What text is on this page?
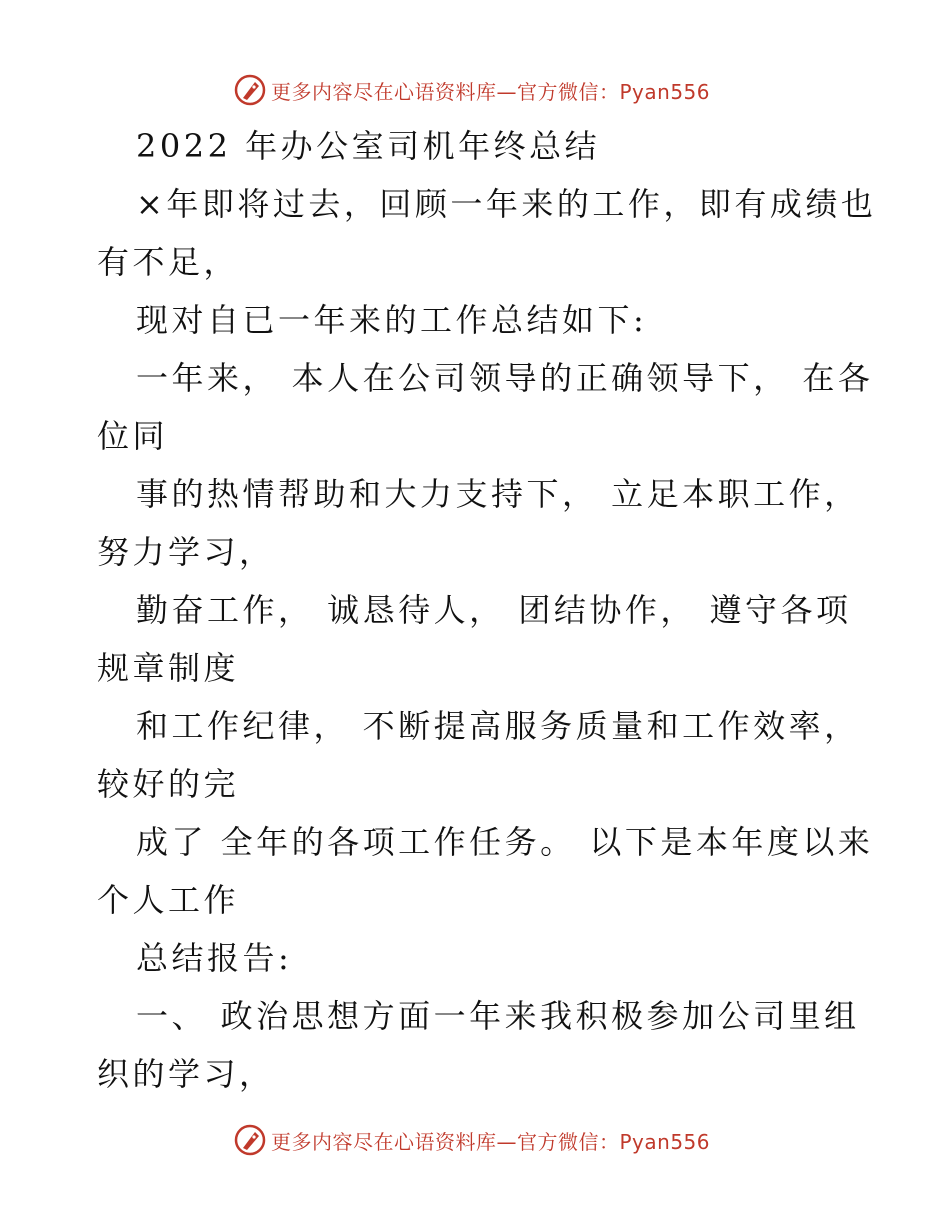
更多内容尽在心语资料库—官方微信：Pyan556
2022 年办公室司机年终总结
×年即将过去，回顾一年来的工作，即有成绩也
有不足，
现对自已一年来的工作总结如下:
一年来， 本人在公司领导的正确领导下， 在各
位同
事的热情帮助和大力支持下， 立足本职工作，
努力学习，
勤奋工作， 诚恳待人， 团结协作， 遵守各项
规章制度
和工作纪律， 不断提高服务质量和工作效率，
较好的完
成了 全年的各项工作任务。 以下是本年度以来
个人工作
总结报告:
一、 政治思想方面一年来我积极参加公司里组
织的学习，
更多内容尽在心语资料库—官方微信：Pyan556
